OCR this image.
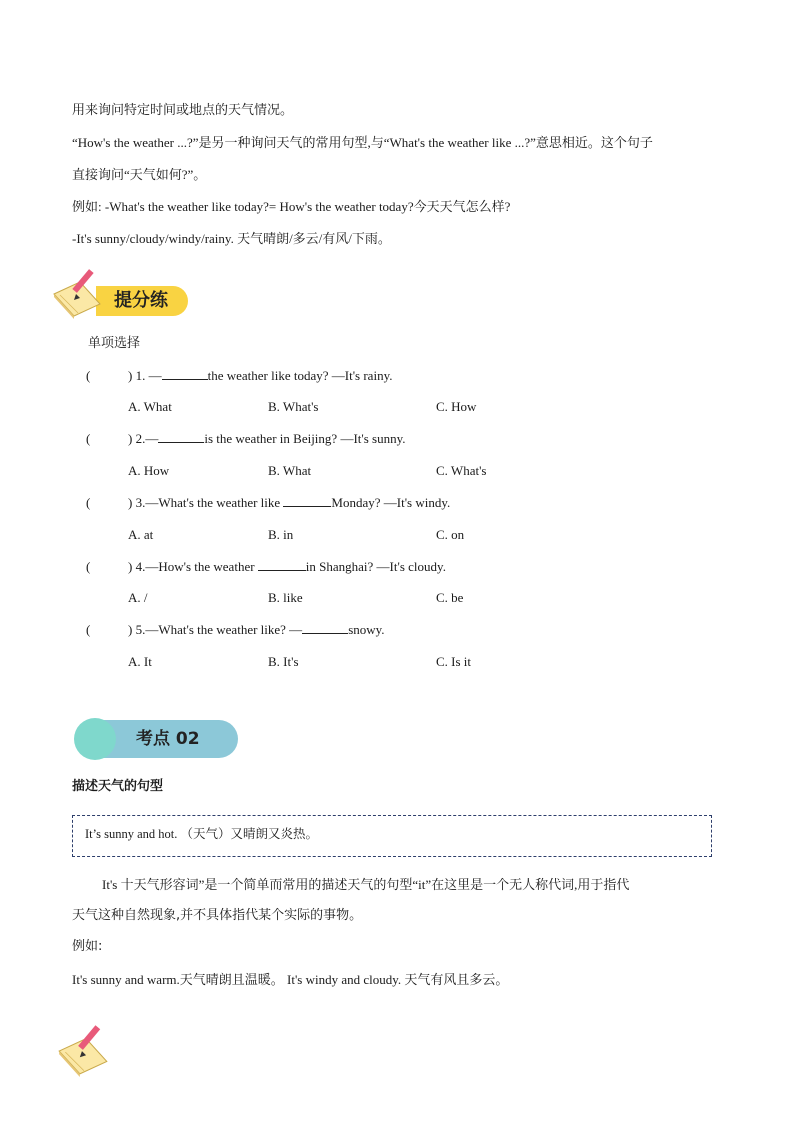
用来询问特定时间或地点的天气情况。
“How's the weather ...?”是另一种询问天气的常用句型,与“What's the weather like ...?”意思相近。这个句子
直接询问“天气如何?”。
例如: -What's the weather like today?= How's the weather today?今天天气怎么样?
-It's sunny/cloudy/windy/rainy. 天气晴朗/多云/有风/下雨。
提分练
单项选择
(	) 1. —	the weather like today? —It's rainy.
A. What	B. What's	C. How
(	) 2.—	is the weather in Beijing? —It's sunny.
A. How	B. What	C. What's
(	) 3.—What's the weather like	Monday? —It's windy.
A. at	B. in	C. on
(	) 4.—How's the weather	in Shanghai? —It's cloudy.
A. /	B. like	C. be
(	) 5.—What's the weather like? —	snowy.
A. It	B. It's	C. Is it
考点 02
描述天气的句型
It’s sunny and hot. （天气）又晴朗又炎热。
It's 十天气形容词”是一个简单而常用的描述天气的句型“it”在这里是一个无人称代词,用于指代
天气这种自然现象,并不具体指代某个实际的事物。
例如:
It's sunny and warm.天气晴朗且温暖。 It's windy and cloudy. 天气有风且多云。
